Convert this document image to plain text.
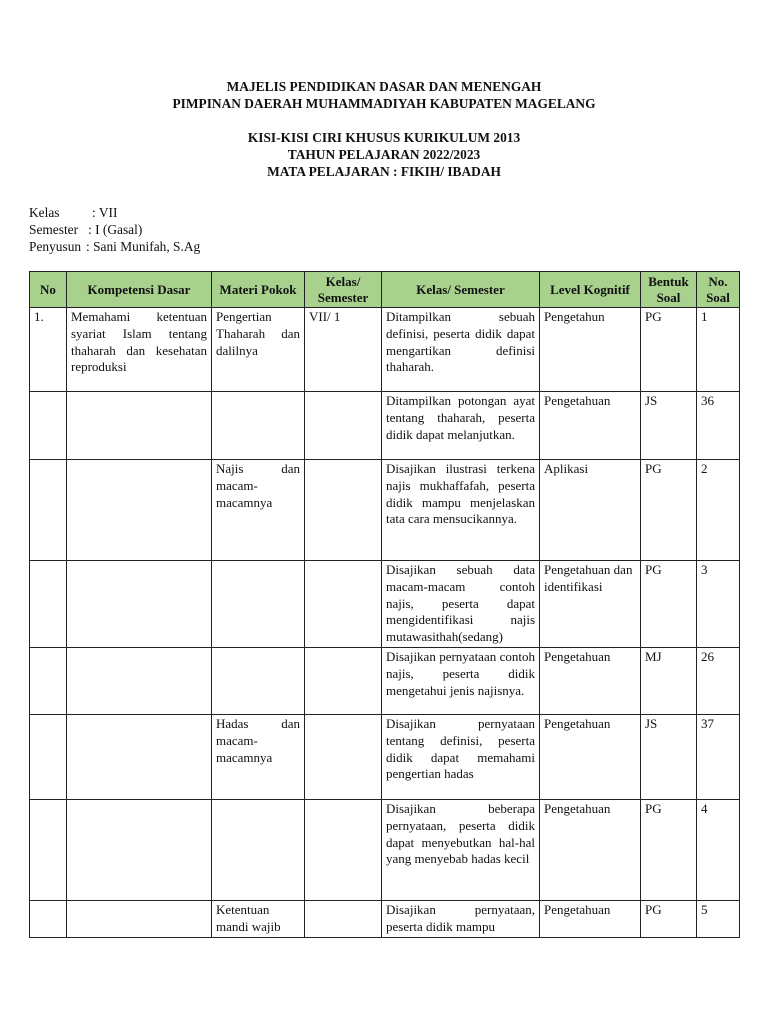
MAJELIS PENDIDIKAN DASAR DAN MENENGAH
PIMPINAN DAERAH MUHAMMADIYAH KABUPATEN MAGELANG
KISI-KISI CIRI KHUSUS KURIKULUM 2013
TAHUN PELAJARAN 2022/2023
MATA PELAJARAN : FIKIH/ IBADAH
Kelas : VII
Semester : I (Gasal)
Penyusun : Sani Munifah, S.Ag
No	Kompetensi Dasar	Materi Pokok	Kelas/ Semester	Kelas/ Semester	Level Kognitif	Bentuk Soal	No. Soal
1.	Memahami ketentuan syariat Islam tentang thaharah dan kesehatan reproduksi	Pengertian Thaharah dan dalilnya	VII/ 1	Ditampilkan sebuah definisi, peserta didik dapat mengartikan definisi thaharah.	Pengetahun	PG	1
				Ditampilkan potongan ayat tentang thaharah, peserta didik dapat melanjutkan.	Pengetahuan	JS	36
		Najis dan macam-macamnya		Disajikan ilustrasi terkena najis mukhaffafah, peserta didik mampu menjelaskan tata cara mensucikannya.	Aplikasi	PG	2
				Disajikan sebuah data macam-macam contoh najis, peserta dapat mengidentifikasi najis mutawasithah(sedang)	Pengetahuan dan identifikasi	PG	3
				Disajikan pernyataan contoh najis, peserta didik mengetahui jenis najisnya.	Pengetahuan	MJ	26
		Hadas dan macam-macamnya		Disajikan pernyataan tentang definisi, peserta didik dapat memahami pengertian hadas	Pengetahuan	JS	37
				Disajikan beberapa pernyataan, peserta didik dapat menyebutkan hal-hal yang menyebab hadas kecil	Pengetahuan	PG	4
		Ketentuan mandi wajib		Disajikan pernyataan, peserta didik mampu	Pengetahuan	PG	5
